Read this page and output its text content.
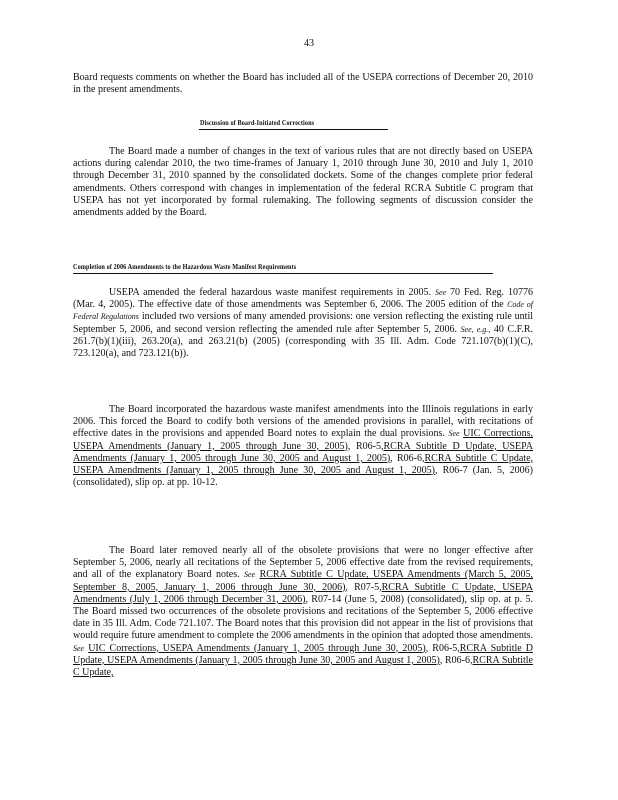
43

Board requests comments on whether the Board has included all of the USEPA corrections of December 20, 2010 in the present amendments.

Discussion of Board-Initiated Corrections

The Board made a number of changes in the text of various rules that are not directly based on USEPA actions during calendar 2010, the two time-frames of January 1, 2010 through June 30, 2010 and July 1, 2010 through December 31, 2010 spanned by the consolidated dockets. Some of the changes complete prior federal amendments. Others correspond with changes in implementation of the federal RCRA Subtitle C program that USEPA has not yet incorporated by formal rulemaking. The following segments of discussion consider the amendments added by the Board.

Completion of 2006 Amendments to the Hazardous Waste Manifest Requirements

USEPA amended the federal hazardous waste manifest requirements in 2005. See 70 Fed. Reg. 10776 (Mar. 4, 2005). The effective date of those amendments was September 6, 2006. The 2005 edition of the Code of Federal Regulations included two versions of many amended provisions: one version reflecting the existing rule until September 5, 2006, and second version reflecting the amended rule after September 5, 2006. See, e.g., 40 C.F.R. 261.7(b)(1)(iii), 263.20(a), and 263.21(b) (2005) (corresponding with 35 Ill. Adm. Code 721.107(b)(1)(C), 723.120(a), and 723.121(b)).

The Board incorporated the hazardous waste manifest amendments into the Illinois regulations in early 2006. This forced the Board to codify both versions of the amended provisions in parallel, with recitations of effective dates in the provisions and appended Board notes to explain the dual provisions. See UIC Corrections, USEPA Amendments (January 1, 2005 through June 30, 2005), R06-5,RCRA Subtitle D Update, USEPA Amendments (January 1, 2005 through June 30, 2005 and August 1, 2005), R06-6,RCRA Subtitle C Update, USEPA Amendments (January 1, 2005 through June 30, 2005 and August 1, 2005), R06-7 (Jan. 5, 2006) (consolidated), slip op. at pp. 10-12.

The Board later removed nearly all of the obsolete provisions that were no longer effective after September 5, 2006, nearly all recitations of the September 5, 2006 effective date from the revised requirements, and all of the explanatory Board notes. See RCRA Subtitle C Update, USEPA Amendments (March 5, 2005, September 8, 2005, January 1, 2006 through June 30, 2006), R07-5,RCRA Subtitle C Update, USEPA Amendments (July 1, 2006 through December 31, 2006), R07-14 (June 5, 2008) (consolidated), slip op. at p. 5. The Board missed two occurrences of the obsolete provisions and recitations of the September 5, 2006 effective date in 35 Ill. Adm. Code 721.107. The Board notes that this provision did not appear in the list of provisions that would require future amendment to complete the 2006 amendments in the opinion that adopted those amendments. See UIC Corrections, USEPA Amendments (January 1, 2005 through June 30, 2005), R06-5,RCRA Subtitle D Update, USEPA Amendments (January 1, 2005 through June 30, 2005 and August 1, 2005), R06-6,RCRA Subtitle C Update,
